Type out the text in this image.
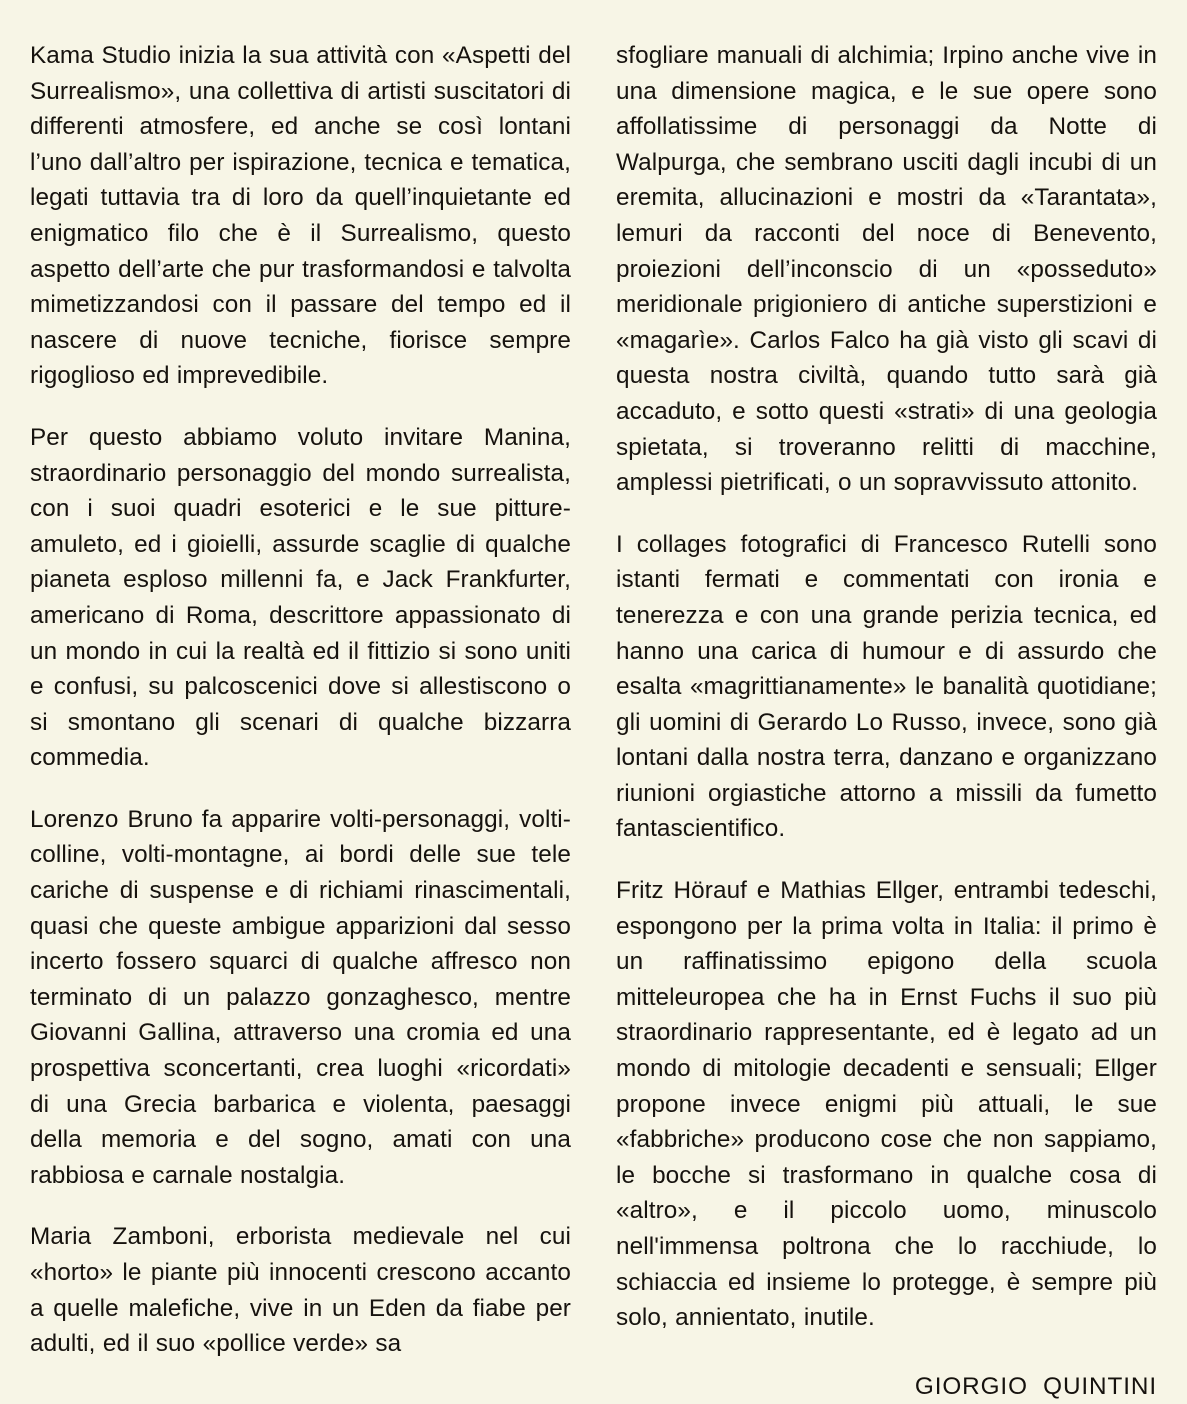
Kama Studio inizia la sua attività con «Aspetti del Surrealismo», una collettiva di artisti suscitatori di differenti atmosfere, ed anche se così lontani l’uno dall’altro per ispirazione, tecnica e tematica, legati tuttavia tra di loro da quell’inquietante ed enigmatico filo che è il Surrealismo, questo aspetto dell’arte che pur trasformandosi e talvolta mimetizzandosi con il passare del tempo ed il nascere di nuove tecniche, fiorisce sempre rigoglioso ed imprevedibile.

Per questo abbiamo voluto invitare Manina, straordinario personaggio del mondo surrealista, con i suoi quadri esoterici e le sue pitture-amuleto, ed i gioielli, assurde scaglie di qualche pianeta esploso millenni fa, e Jack Frankfurter, americano di Roma, descrittore appassionato di un mondo in cui la realtà ed il fittizio si sono uniti e confusi, su palcoscenici dove si allestiscono o si smontano gli scenari di qualche bizzarra commedia.

Lorenzo Bruno fa apparire volti-personaggi, volti-colline, volti-montagne, ai bordi delle sue tele cariche di suspense e di richiami rinascimentali, quasi che queste ambigue apparizioni dal sesso incerto fossero squarci di qualche affresco non terminato di un palazzo gonzaghesco, mentre Giovanni Gallina, attraverso una cromia ed una prospettiva sconcertanti, crea luoghi «ricordati» di una Grecia barbarica e violenta, paesaggi della memoria e del sogno, amati con una rabbiosa e carnale nostalgia.

Maria Zamboni, erborista medievale nel cui «horto» le piante più innocenti crescono accanto a quelle malefiche, vive in un Eden da fiabe per adulti, ed il suo «pollice verde» sa

sfogliare manuali di alchimia; Irpino anche vive in una dimensione magica, e le sue opere sono affollatissime di personaggi da Notte di Walpurga, che sembrano usciti dagli incubi di un eremita, allucinazioni e mostri da «Tarantata», lemuri da racconti del noce di Benevento, proiezioni dell’inconscio di un «posseduto» meridionale prigioniero di antiche superstizioni e «magarìe». Carlos Falco ha già visto gli scavi di questa nostra civiltà, quando tutto sarà già accaduto, e sotto questi «strati» di una geologia spietata, si troveranno relitti di macchine, amplessi pietrificati, o un sopravvissuto attonito.

I collages fotografici di Francesco Rutelli sono istanti fermati e commentati con ironia e tenerezza e con una grande perizia tecnica, ed hanno una carica di humour e di assurdo che esalta «magrittianamente» le banalità quotidiane; gli uomini di Gerardo Lo Russo, invece, sono già lontani dalla nostra terra, danzano e organizzano riunioni orgiastiche attorno a missili da fumetto fantascientifico.

Fritz Hörauf e Mathias Ellger, entrambi tedeschi, espongono per la prima volta in Italia: il primo è un raffinatissimo epigono della scuola mitteleuropea che ha in Ernst Fuchs il suo più straordinario rappresentante, ed è legato ad un mondo di mitologie decadenti e sensuali; Ellger propone invece enigmi più attuali, le sue «fabbriche» producono cose che non sappiamo, le bocche si trasformano in qualche cosa di «altro», e il piccolo uomo, minuscolo nell'immensa poltrona che lo racchiude, lo schiaccia ed insieme lo protegge, è sempre più solo, annientato, inutile.

GIORGIO  QUINTINI
